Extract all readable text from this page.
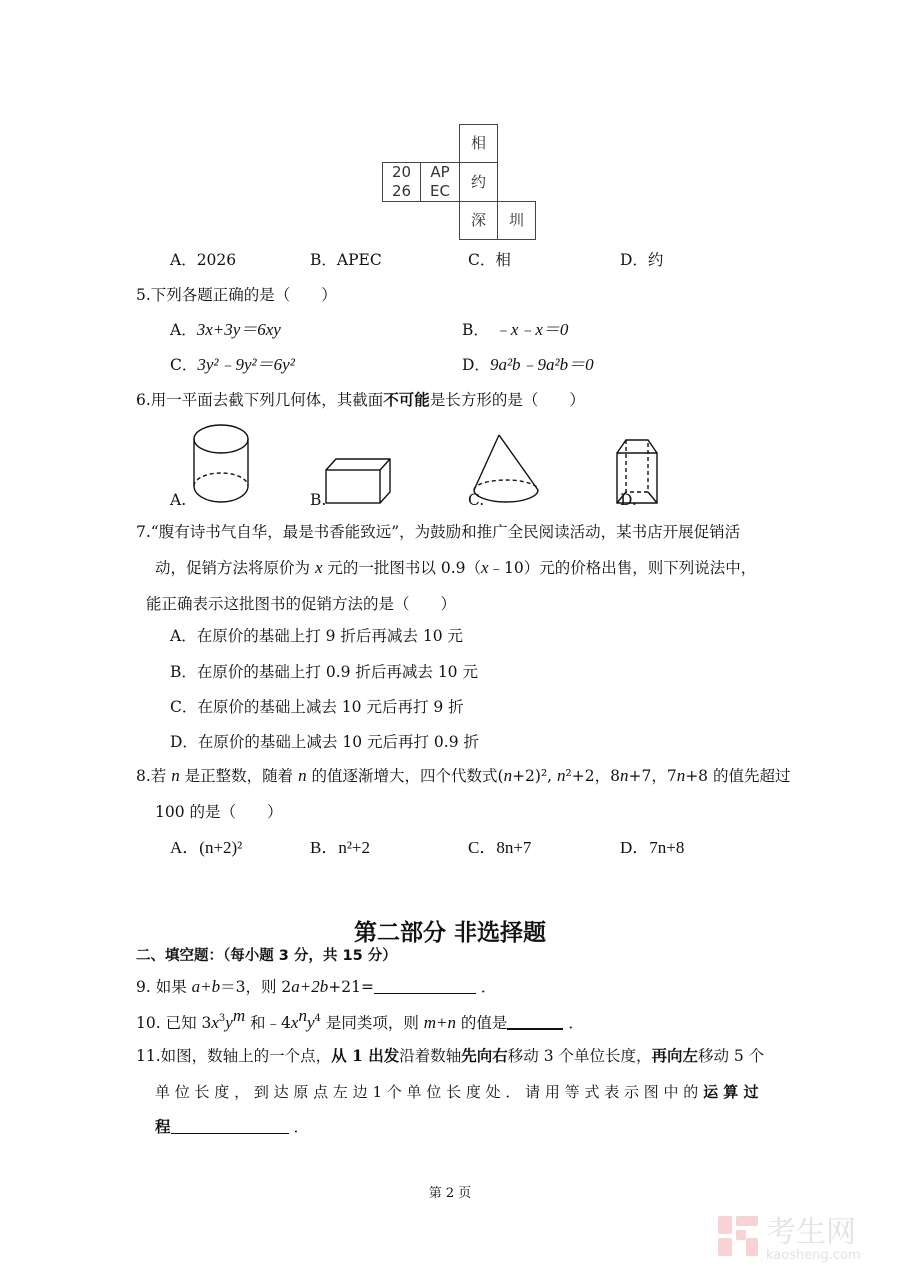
相
约
深	圳
20
26
AP
EC
A．2026	B．APEC	C．相	D．约
5.下列各题正确的是（　　）
A．3x+3y＝6xy	B． ﹣x﹣x＝0
C．3y²﹣9y²＝6y²	D．9a²b﹣9a²b＝0
6.用一平面去截下列几何体，其截面不可能是长方形的是（　　）
A.	B.	C.	D.
7.“腹有诗书气自华，最是书香能致远”，为鼓励和推广全民阅读活动，某书店开展促销活
动，促销方法将原价为 x 元的一批图书以 0.9（x﹣10）元的价格出售，则下列说法中，
能正确表示这批图书的促销方法的是（　　）
A．在原价的基础上打 9 折后再减去 10 元
B．在原价的基础上打 0.9 折后再减去 10 元
C．在原价的基础上减去 10 元后再打 9 折
D．在原价的基础上减去 10 元后再打 0.9 折
8.若 n 是正整数，随着 n 的值逐渐增大，四个代数式(n+2)², n²+2，8n+7，7n+8 的值先超过
100 的是（　　）
A．(n+2)²	B．n²+2	C．8n+7	D．7n+8
第二部分 非选择题
二、填空题：（每小题 3 分，共 15 分）
9. 如果 a+b＝3，则 2a+2b+21=	．
10. 已知 $3x^3y^m$ 和$﹣4x^ny^4$ 是同类项，则 m+n 的值是	．
11.如图，数轴上的一个点，从 1 出发沿着数轴先向右移动 3 个单位长度，再向左移动 5 个
单 位 长 度 ， 到 达 原 点 左 边 1 个 单 位 长 度 处 ． 请 用 等 式 表 示 图 中 的 运 算 过
程	．
第 2 页
考生网
kaosheng.com
